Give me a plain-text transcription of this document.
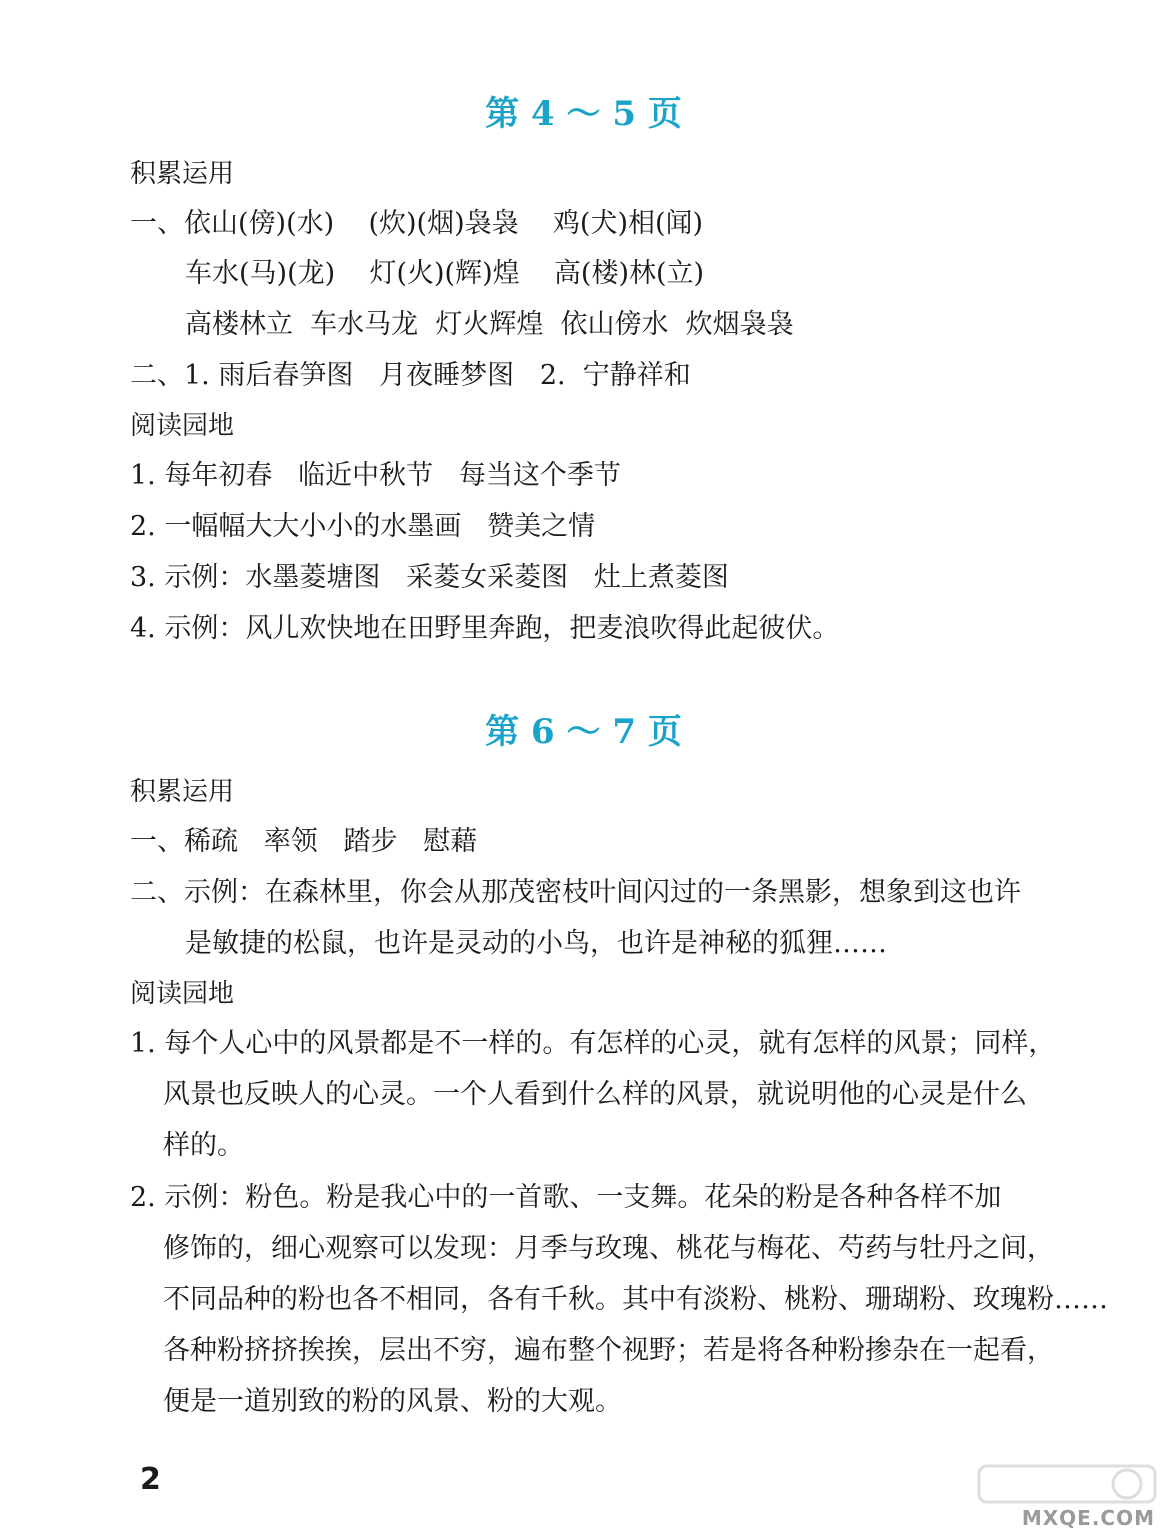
第 4 ～ 5 页
积累运用
一、依山(傍)(水)    (炊)(烟)袅袅    鸡(犬)相(闻)
车水(马)(龙)    灯(火)(辉)煌    高(楼)林(立)
高楼林立  车水马龙  灯火辉煌  依山傍水  炊烟袅袅
二、1. 雨后春笋图   月夜睡梦图   2.  宁静祥和
阅读园地
1. 每年初春   临近中秋节   每当这个季节
2. 一幅幅大大小小的水墨画   赞美之情
3. 示例：水墨菱塘图   采菱女采菱图   灶上煮菱图
4. 示例：风儿欢快地在田野里奔跑，把麦浪吹得此起彼伏。
第 6 ～ 7 页
积累运用
一、稀疏   率领   踏步   慰藉
二、示例：在森林里，你会从那茂密枝叶间闪过的一条黑影，想象到这也许
是敏捷的松鼠，也许是灵动的小鸟，也许是神秘的狐狸……
阅读园地
1. 每个人心中的风景都是不一样的。有怎样的心灵，就有怎样的风景；同样，
风景也反映人的心灵。一个人看到什么样的风景，就说明他的心灵是什么
样的。
2. 示例：粉色。粉是我心中的一首歌、一支舞。花朵的粉是各种各样不加
修饰的，细心观察可以发现：月季与玫瑰、桃花与梅花、芍药与牡丹之间，
不同品种的粉也各不相同，各有千秋。其中有淡粉、桃粉、珊瑚粉、玫瑰粉……
各种粉挤挤挨挨，层出不穷，遍布整个视野；若是将各种粉掺杂在一起看，
便是一道别致的粉的风景、粉的大观。
2
MXQE.COM
